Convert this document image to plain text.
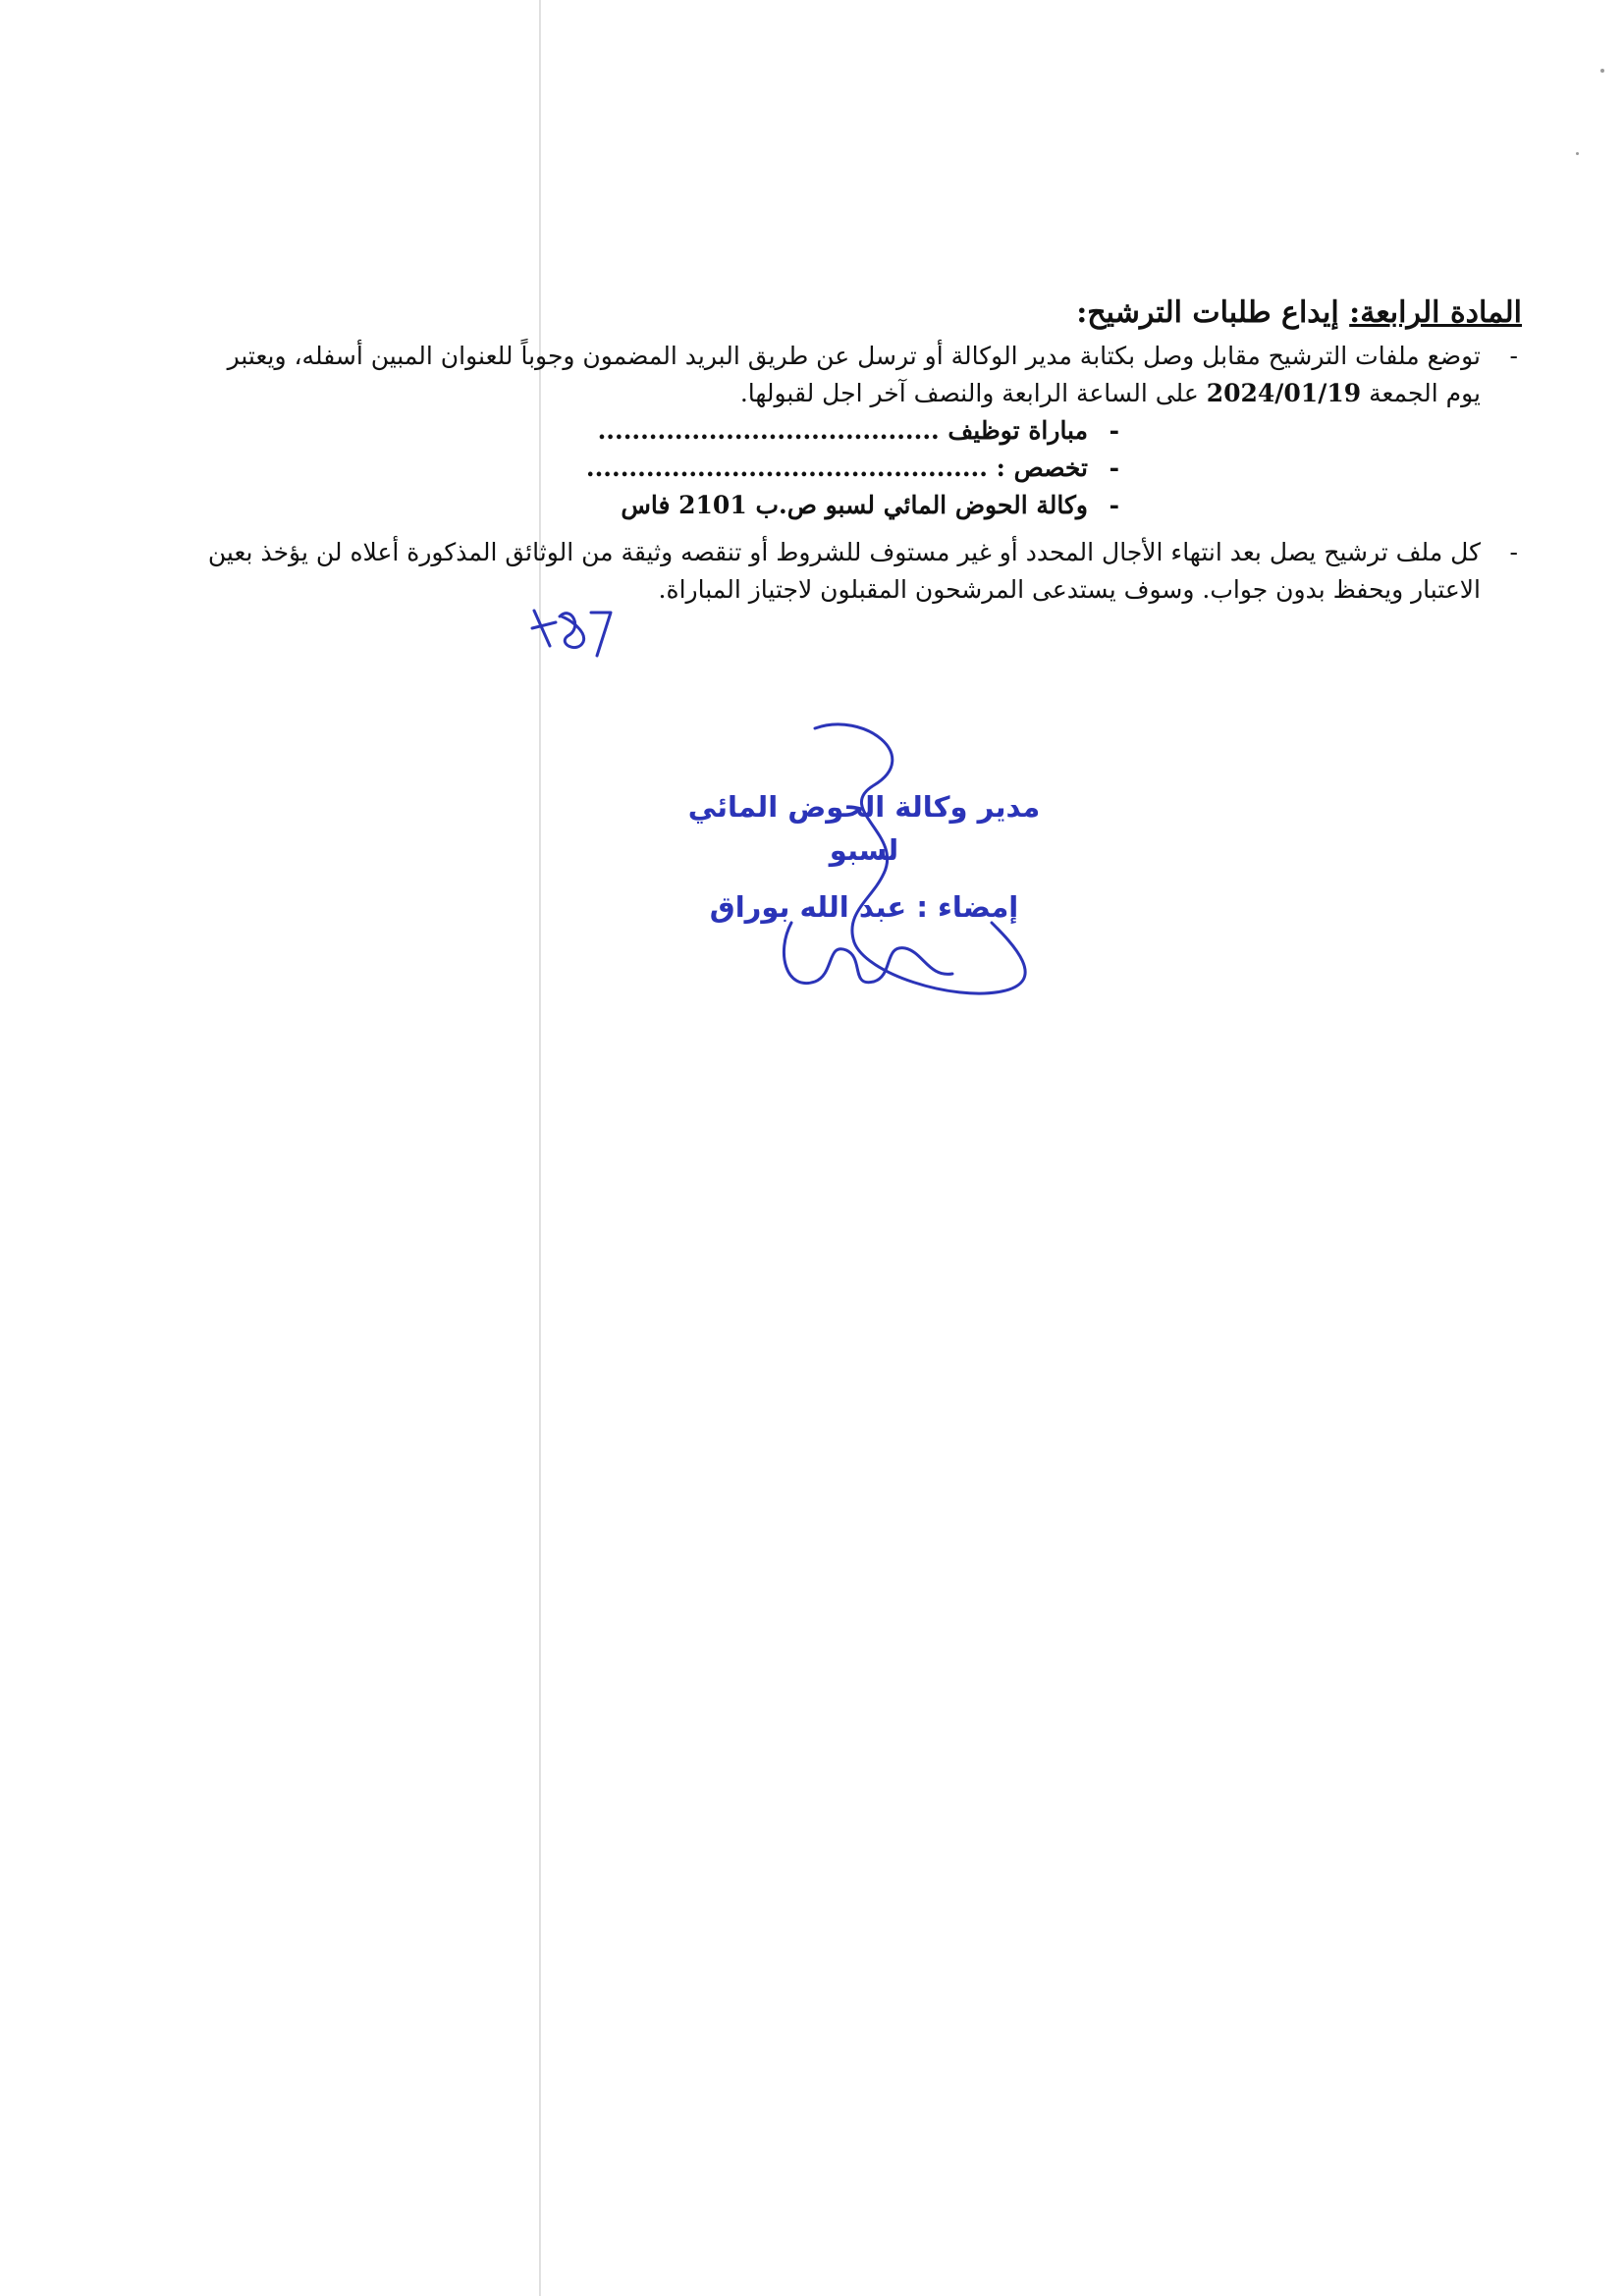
المادة الرابعة: إيداع طلبات الترشيح:
-
توضع ملفات الترشيح مقابل وصل بكتابة مدير الوكالة أو ترسل عن طريق البريد المضمون وجوباً للعنوان المبين أسفله، ويعتبر
يوم الجمعة 2024/01/19 على الساعة الرابعة والنصف آخر اجل لقبولها.
-
مباراة توظيف ........................................
-
تخصص : ...............................................
-
وكالة الحوض المائي لسبو ص.ب 2101 فاس
-
كل ملف ترشيح يصل بعد انتهاء الأجال المحدد أو غير مستوف للشروط أو تنقصه وثيقة من الوثائق المذكورة أعلاه لن يؤخذ بعين
الاعتبار ويحفظ بدون جواب. وسوف يستدعى المرشحون المقبلون لاجتياز المباراة.
مدير وكالة الحوض المائي
لسبو
إمضاء : عبد الله بوراق
